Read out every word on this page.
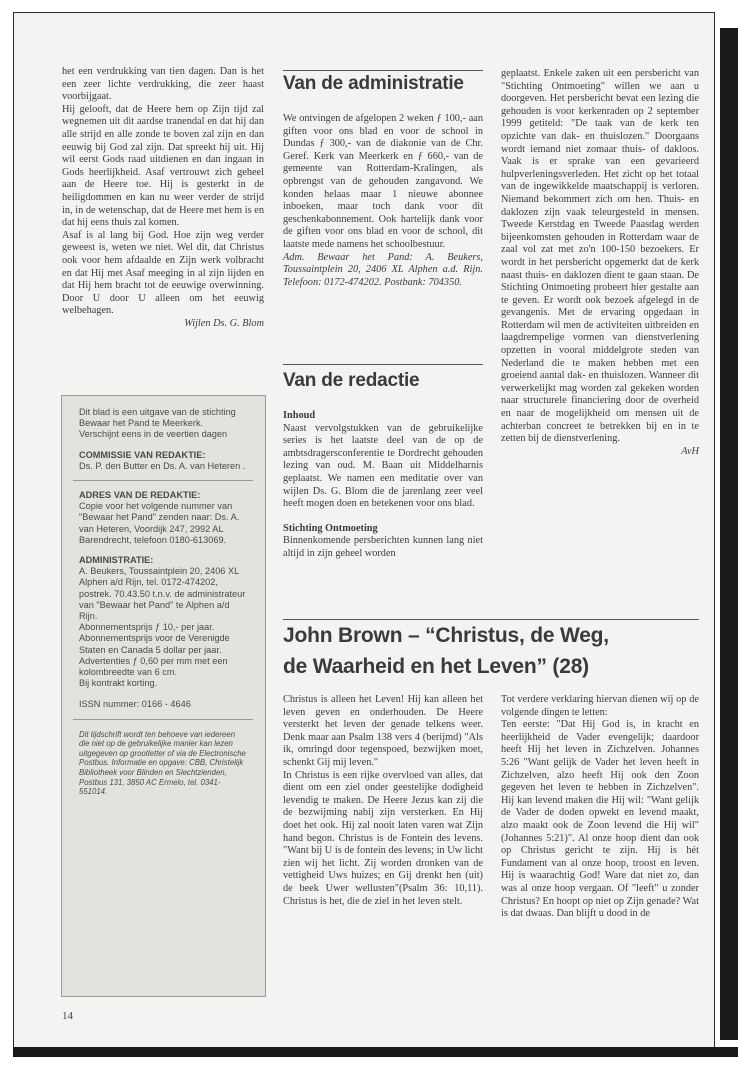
het een verdrukking van tien dagen. Dan is het een zeer lichte verdrukking, die zeer haast voorbijgaat.

Hij gelooft, dat de Heere hem op Zijn tijd zal wegnemen uit dit aardse tranendal en dat hij dan alle strijd en alle zonde te boven zal zijn en dan eeuwig bij God zal zijn. Dat spreekt hij uit. Hij wil eerst Gods raad uitdienen en dan ingaan in Gods heerlijkheid. Asaf vertrouwt zich geheel aan de Heere toe. Hij is gesterkt in de heiligdommen en kan nu weer verder de strijd in, in de wetenschap, dat de Heere met hem is en dat hij eens thuis zal komen.

Asaf is al lang bij God. Hoe zijn weg verder geweest is, weten we niet. Wel dit, dat Christus ook voor hem afdaalde en Zijn werk volbracht en dat Hij met Asaf meeging in al zijn lijden en dat Hij hem bracht tot de eeuwige overwinning. Door U door U alleen om het eeuwig welbehagen.

Wijlen Ds. G. Blom

Dit blad is een uitgave van de stichting Bewaar het Pand te Meerkerk.

Verschijnt eens in de veertien dagen

COMMISSIE VAN REDAKTIE:

Ds. P. den Butter en Ds. A. van Heteren .

ADRES VAN DE REDAKTIE:

Copie voor het volgende nummer van "Bewaar het Pand" zenden naar: Ds. A. van Heteren, Voordijk 247, 2992 AL Barendrecht, telefoon 0180-613069.

ADMINISTRATIE:

A. Beukers, Toussaintplein 20, 2406 XL Alphen a/d Rijn, tel. 0172-474202, postrek. 70.43.50 t.n.v. de administrateur van "Bewaar het Pand" te Alphen a/d Rijn.

Abonnementsprijs ƒ 10,- per jaar.

Abonnementsprijs voor de Verenigde Staten en Canada 5 dollar per jaar.

Advertenties ƒ 0,60 per mm met een kolombreedte van 6 cm.

Bij kontrakt korting.

ISSN nummer: 0166 - 4646

Dit tijdschrift wordt ten behoeve van iedereen die niet op de gebruikelijke manier kan lezen uitgegeven op grootletter of via de Electronische Postbus. Informatie en opgave: CBB, Christelijk Bibliotheek voor Blinden en Slechtzienden, Postbus 131, 3850 AC Ermelo, tel. 0341-551014.

Van de administratie

We ontvingen de afgelopen 2 weken ƒ 100,- aan giften voor ons blad en voor de school in Dundas ƒ 300,- van de diakonie van de Chr. Geref. Kerk van Meerkerk en ƒ 660,- van de gemeente van Rotterdam-Kralingen, als opbrengst van de gehouden zangavond. We konden helaas maar 1 nieuwe abonnee inboeken, maar toch dank voor dit geschenkabonnement. Ook hartelijk dank voor de giften voor ons blad en voor de school, dit laatste mede namens het schoolbestuur.

Adm. Bewaar het Pand: A. Beukers, Toussaintplein 20, 2406 XL Alphen a.d. Rijn. Telefoon: 0172-474202. Postbank: 704350.

Van de redactie

Inhoud

Naast vervolgstukken van de gebruikelijke series is het laatste deel van de op de ambtsdragersconferentie te Dordrecht gehouden lezing van oud. M. Baan uit Middelharnis geplaatst. We namen een meditatie over van wijlen Ds. G. Blom die de jarenlang zeer veel heeft mogen doen en betekenen voor ons blad.

Stichting Ontmoeting

Binnenkomende persberichten kunnen lang niet altijd in zijn geheel worden

geplaatst. Enkele zaken uit een persbericht van "Stichting Ontmoeting" willen we aan u doorgeven. Het persbericht bevat een lezing die gehouden is voor kerkenraden op 2 september 1999 getiteld: "De taak van de kerk ten opzichte van dak- en thuislozen." Doorgaans wordt iemand niet zomaar thuis- of dakloos. Vaak is er sprake van een gevarieerd hulpverleningsverleden. Het zicht op het totaal van de ingewikkelde maatschappij is verloren. Niemand bekommert zich om hen. Thuis- en daklozen zijn vaak teleurgesteld in mensen. Tweede Kerstdag en Tweede Paasdag werden bijeenkomsten gehouden in Rotterdam waar de zaal vol zat met zo'n 100-150 bezoekers. Er wordt in het persbericht opgemerkt dat de kerk naast thuis- en daklozen dient te gaan staan. De Stichting Ontmoeting probeert hier gestalte aan te geven. Er wordt ook bezoek afgelegd in de gevangenis. Met de ervaring opgedaan in Rotterdam wil men de activiteiten uitbreiden en laagdrempelige vormen van dienstverlening opzetten in vooral middelgrote steden van Nederland die te maken hebben met een groeiend aantal dak- en thuislozen. Wanneer dit verwerkelijkt mag worden zal gekeken worden naar structurele financiering door de overheid en naar de mogelijkheid om mensen uit de achterban concreet te betrekken bij en in te zetten bij de dienstverlening.

AvH

John Brown – “Christus, de Weg,
de Waarheid en het Leven” (28)

Christus is alleen het Leven! Hij kan alleen het leven geven en onderhouden. De Heere versterkt het leven der genade telkens weer. Denk maar aan Psalm 138 vers 4 (berijmd) "Als ik, omringd door tegenspoed, bezwijken moet, schenkt Gij mij leven."

In Christus is een rijke overvloed van alles, dat dient om een ziel onder geestelijke dodigheid levendig te maken. De Heere Jezus kan zij die de bezwijming nabij zijn versterken. En Hij doet het ook. Hij zal nooit laten varen wat Zijn hand begon. Christus is de Fontein des levens. "Want bij U is de fontein des levens; in Uw licht zien wij het licht. Zij worden dronken van de vettigheid Uws huizes; en Gij drenkt hen (uit) de beek Uwer wellusten"(Psalm 36: 10,11). Christus is het, die de ziel in het leven stelt.

Tot verdere verklaring hiervan dienen wij op de volgende dingen te letten:

Ten eerste: "Dat Hij God is, in kracht en heerlijkheid de Vader evengelijk; daardoor heeft Hij het leven in Zichzelven. Johannes 5:26 "Want gelijk de Vader het leven heeft in Zichzelven, alzo heeft Hij ook den Zoon gegeven het leven te hebben in Zichzelven". Hij kan levend maken die Hij wil: "Want gelijk de Vader de doden opwekt en levend maakt, alzo maakt ook de Zoon levend die Hij wil" (Johannes 5:21)". Al onze hoop dient dan ook op Christus gericht te zijn. Hij is hét Fundament van al onze hoop, troost en leven. Hij is waarachtig God! Ware dat niet zo, dan was al onze hoop vergaan. Of "leeft" u zonder Christus? En hoopt op niet op Zijn genade? Wat is dat dwaas. Dan blijft u dood in de

14
